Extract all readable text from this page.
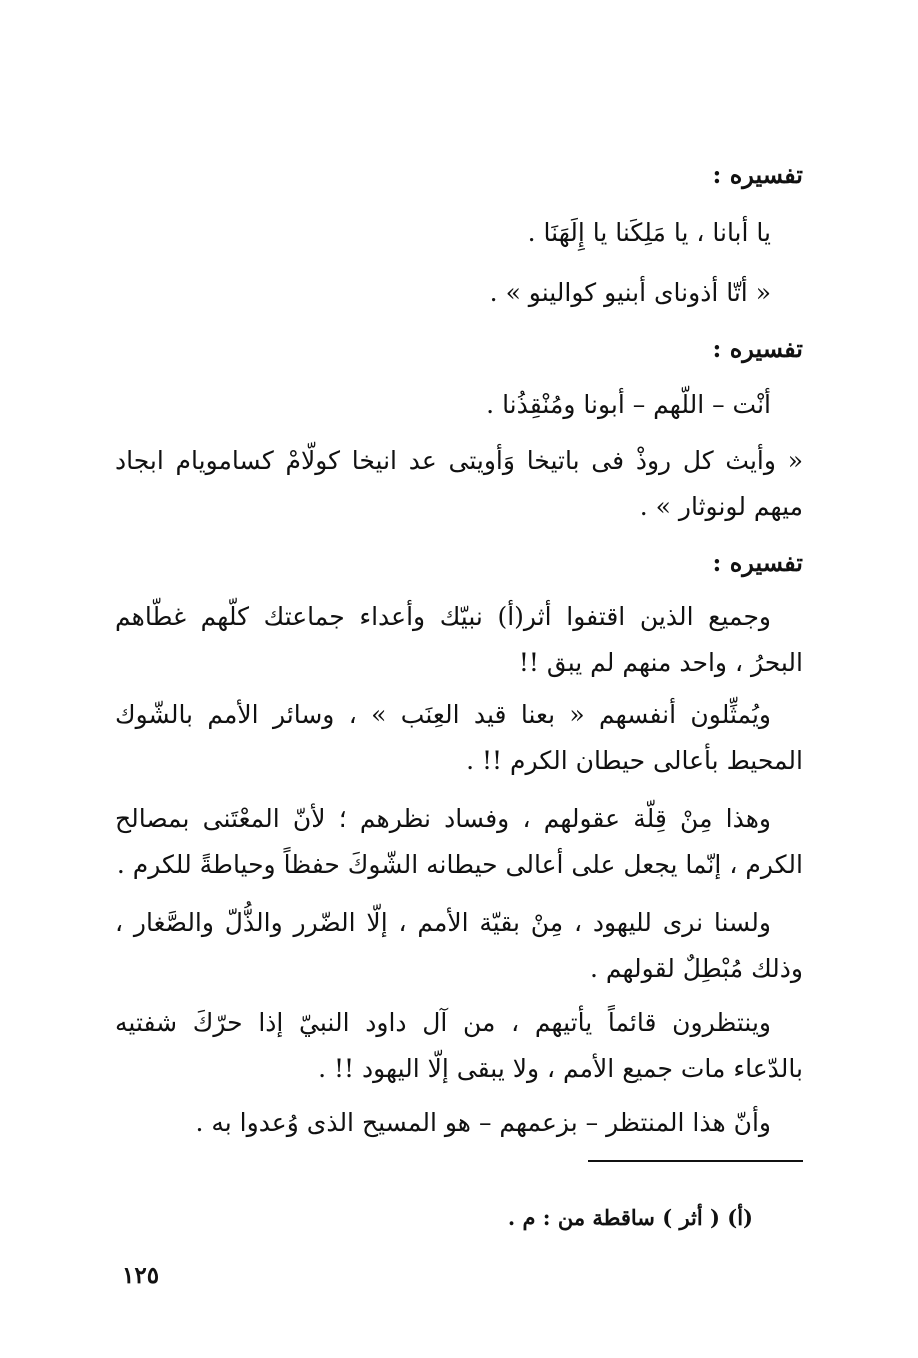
تفسيره :
يا أبانا ، يا مَلِكَنا يا إِلَهَنَا .
« أتّا أذوناى أبنيو كوالينو » .
تفسيره :
أنْت – اللّهم – أبونا ومُنْقِذُنا .
« وأيث كل روذْ فى باتيخا وَأويتى عد انيخا كولّامْ كسامويام ابجاد ميهم لونوثار » .
تفسيره :
وجميع الذين اقتفوا أثر(أ) نبيّك وأعداء جماعتك كلّهم غطّاهم البحرُ ، واحد منهم لم يبق !!
ويُمثِّلون أنفسهم « بعنا قيد العِنَب » ، وسائر الأمم بالشّوك المحيط بأعالى حيطان الكرم !! .
وهذا مِنْ قِلّة عقولهم ، وفساد نظرهم ؛ لأنّ المعْتَنى بمصالح الكرم ، إنّما يجعل على أعالى حيطانه الشّوكَ حفظاً وحياطةً للكرم .
ولسنا نرى لليهود ، مِنْ بقيّة الأمم ، إلّا الضّرر والذُّلّ والصَّغار ، وذلك مُبْطِلٌ لقولهم .
وينتظرون قائماً يأتيهم ، من آل داود النبيّ إذا حرّكَ شفتيه بالدّعاء مات جميع الأمم ، ولا يبقى إلّا اليهود !! .
وأنّ هذا المنتظر – بزعمهم – هو المسيح الذى وُعدوا به .
(أ) ( أثر ) ساقطة من : م .
١٢٥
